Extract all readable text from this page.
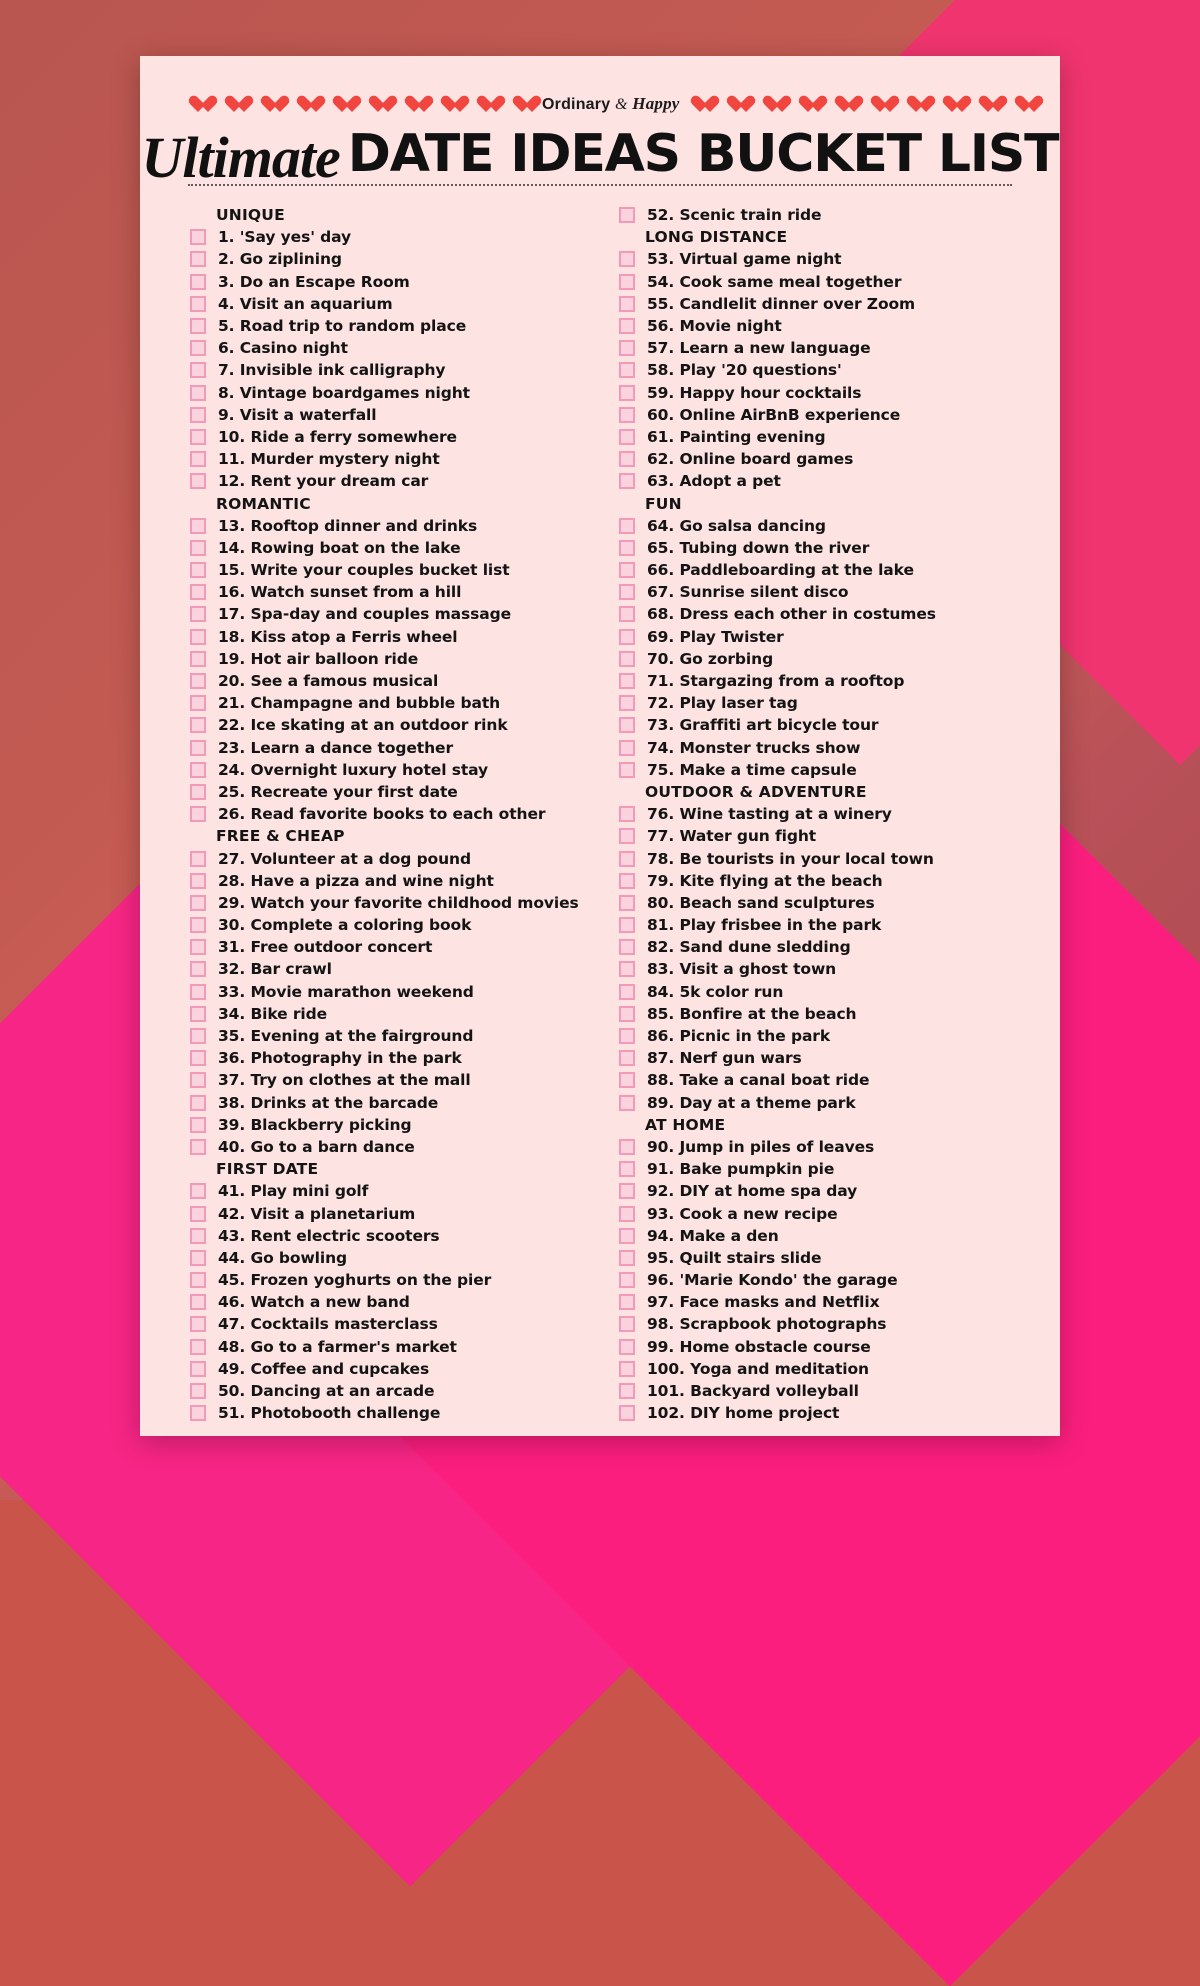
Ordinary & Happy
Ultimate DATE IDEAS BUCKET LIST
UNIQUE
1. 'Say yes' day
2. Go ziplining
3. Do an Escape Room
4. Visit an aquarium
5. Road trip to random place
6. Casino night
7. Invisible ink calligraphy
8. Vintage boardgames night
9. Visit a waterfall
10. Ride a ferry somewhere
11. Murder mystery night
12. Rent your dream car
ROMANTIC
13. Rooftop dinner and drinks
14. Rowing boat on the lake
15. Write your couples bucket list
16. Watch sunset from a hill
17. Spa-day and couples massage
18. Kiss atop a Ferris wheel
19. Hot air balloon ride
20. See a famous musical
21. Champagne and bubble bath
22. Ice skating at an outdoor rink
23. Learn a dance together
24. Overnight luxury hotel stay
25. Recreate your first date
26. Read favorite books to each other
FREE & CHEAP
27. Volunteer at a dog pound
28. Have a pizza and wine night
29. Watch your favorite childhood movies
30. Complete a coloring book
31. Free outdoor concert
32. Bar crawl
33. Movie marathon weekend
34. Bike ride
35. Evening at the fairground
36. Photography in the park
37. Try on clothes at the mall
38. Drinks at the barcade
39. Blackberry picking
40. Go to a barn dance
FIRST DATE
41. Play mini golf
42. Visit a planetarium
43. Rent electric scooters
44. Go bowling
45. Frozen yoghurts on the pier
46. Watch a new band
47. Cocktails masterclass
48. Go to a farmer's market
49. Coffee and cupcakes
50. Dancing at an arcade
51. Photobooth challenge
52. Scenic train ride
LONG DISTANCE
53. Virtual game night
54. Cook same meal together
55. Candlelit dinner over Zoom
56. Movie night
57. Learn a new language
58. Play '20 questions'
59. Happy hour cocktails
60. Online AirBnB experience
61. Painting evening
62. Online board games
63. Adopt a pet
FUN
64. Go salsa dancing
65. Tubing down the river
66. Paddleboarding at the lake
67. Sunrise silent disco
68. Dress each other in costumes
69. Play Twister
70. Go zorbing
71. Stargazing from a rooftop
72. Play laser tag
73. Graffiti art bicycle tour
74. Monster trucks show
75. Make a time capsule
OUTDOOR & ADVENTURE
76. Wine tasting at a winery
77. Water gun fight
78. Be tourists in your local town
79. Kite flying at the beach
80. Beach sand sculptures
81. Play frisbee in the park
82. Sand dune sledding
83. Visit a ghost town
84. 5k color run
85. Bonfire at the beach
86. Picnic in the park
87. Nerf gun wars
88. Take a canal boat ride
89. Day at a theme park
AT HOME
90. Jump in piles of leaves
91. Bake pumpkin pie
92. DIY at home spa day
93. Cook a new recipe
94. Make a den
95. Quilt stairs slide
96. 'Marie Kondo' the garage
97. Face masks and Netflix
98. Scrapbook photographs
99. Home obstacle course
100. Yoga and meditation
101. Backyard volleyball
102. DIY home project
